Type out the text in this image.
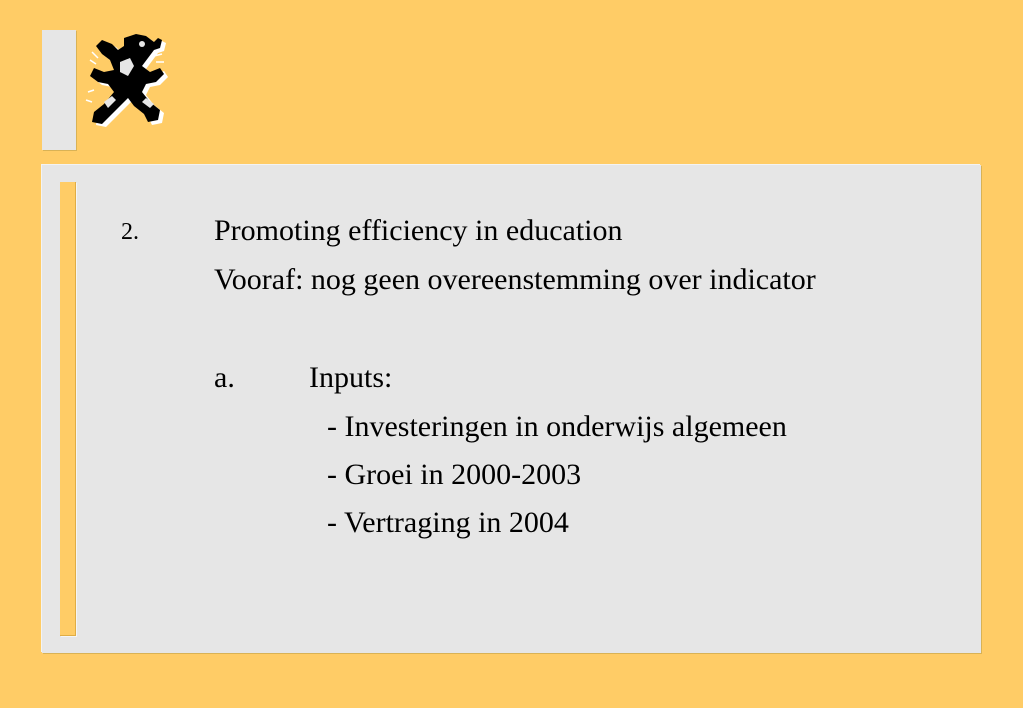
2.	Promoting efficiency in education
Vooraf: nog geen overeenstemming over indicator
a. Inputs:
- Investeringen in onderwijs algemeen
- Groei in 2000-2003
- Vertraging in 2004
